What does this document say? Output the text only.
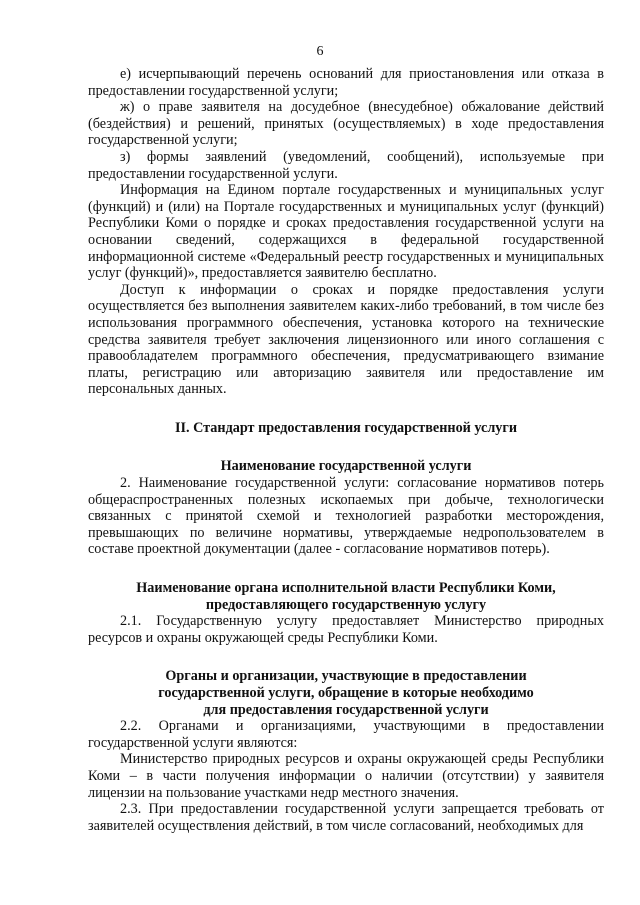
6

е) исчерпывающий перечень оснований для приостановления или отказа в предоставлении государственной услуги;

ж) о праве заявителя на досудебное (внесудебное) обжалование действий (бездействия) и решений, принятых (осуществляемых) в ходе предоставления государственной услуги;

з) формы заявлений (уведомлений, сообщений), используемые при предоставлении государственной услуги.

Информация на Едином портале государственных и муниципальных услуг (функций) и (или) на Портале государственных и муниципальных услуг (функций) Республики Коми о порядке и сроках предоставления государственной услуги на основании сведений, содержащихся в федеральной государственной информационной системе «Федеральный реестр государственных и муниципальных услуг (функций)», предоставляется заявителю бесплатно.

Доступ к информации о сроках и порядке предоставления услуги осуществляется без выполнения заявителем каких-либо требований, в том числе без использования программного обеспечения, установка которого на технические средства заявителя требует заключения лицензионного или иного соглашения с правообладателем программного обеспечения, предусматривающего взимание платы, регистрацию или авторизацию заявителя или предоставление им персональных данных.

II. Стандарт предоставления государственной услуги
Наименование государственной услуги

2. Наименование государственной услуги: согласование нормативов потерь общераспространенных полезных ископаемых при добыче, технологически связанных с принятой схемой и технологией разработки месторождения, превышающих по величине нормативы, утверждаемые недропользователем в составе проектной документации (далее - согласование нормативов потерь).

Наименование органа исполнительной власти Республики Коми,
предоставляющего государственную услугу

2.1. Государственную услугу предоставляет Министерство природных ресурсов и охраны окружающей среды Республики Коми.

Органы и организации, участвующие в предоставлении
государственной услуги, обращение в которые необходимо
для предоставления государственной услуги

2.2. Органами и организациями, участвующими в предоставлении государственной услуги являются:

Министерство природных ресурсов и охраны окружающей среды Республики Коми – в части получения информации о наличии (отсутствии) у заявителя лицензии на пользование участками недр местного значения.

2.3. При предоставлении государственной услуги запрещается требовать от заявителей осуществления действий, в том числе согласований, необходимых для
